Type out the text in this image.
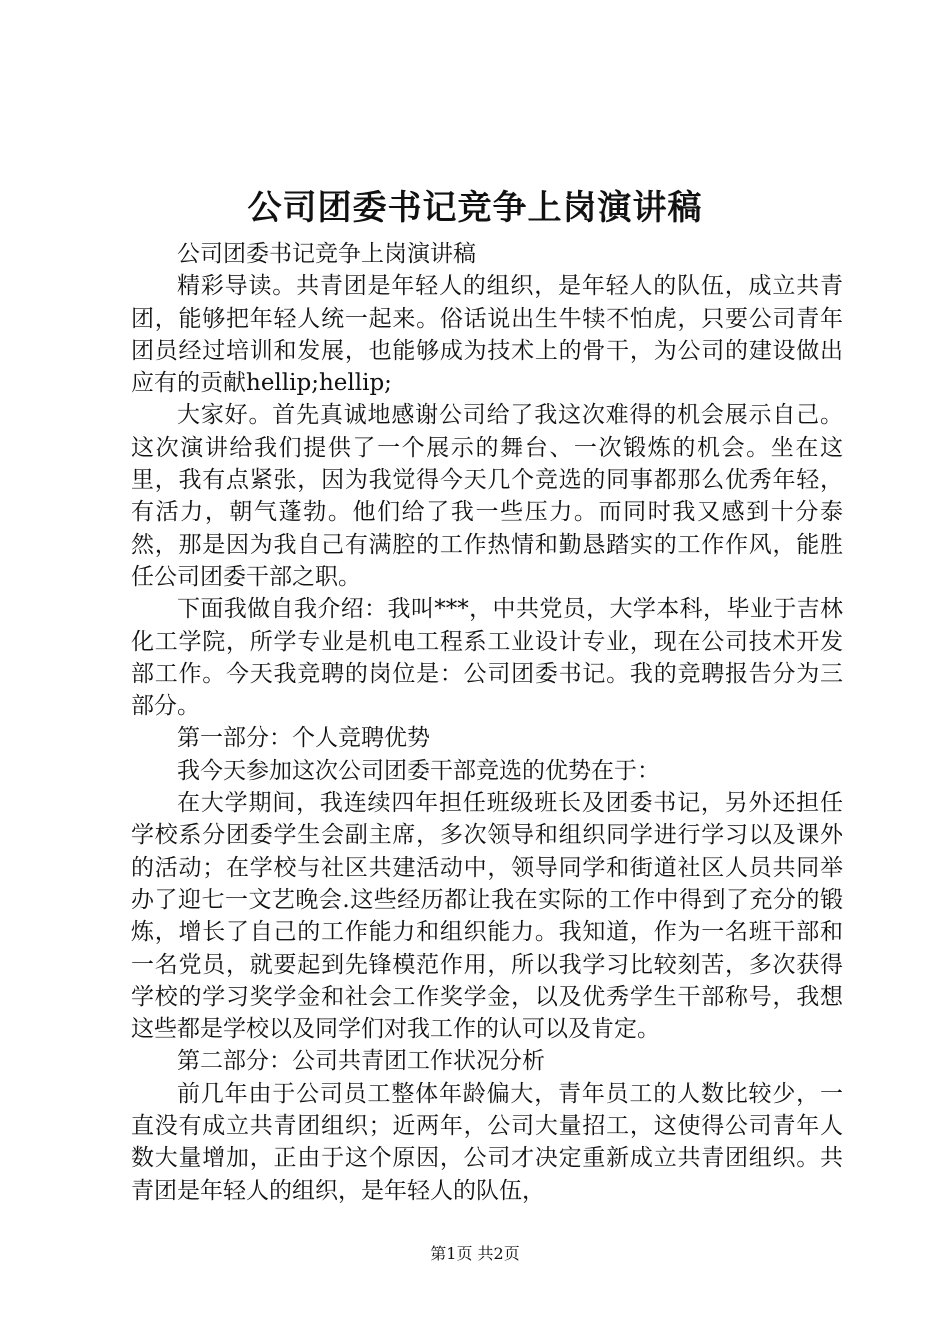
公司团委书记竞争上岗演讲稿

公司团委书记竞争上岗演讲稿

精彩导读。共青团是年轻人的组织，是年轻人的队伍，成立共青团，能够把年轻人统一起来。俗话说出生牛犊不怕虎，只要公司青年团员经过培训和发展，也能够成为技术上的骨干，为公司的建设做出应有的贡献hellip;hellip;

大家好。首先真诚地感谢公司给了我这次难得的机会展示自己。这次演讲给我们提供了一个展示的舞台、一次锻炼的机会。坐在这里，我有点紧张，因为我觉得今天几个竞选的同事都那么优秀年轻，有活力，朝气蓬勃。他们给了我一些压力。而同时我又感到十分泰然，那是因为我自己有满腔的工作热情和勤恳踏实的工作作风，能胜任公司团委干部之职。

下面我做自我介绍：我叫***，中共党员，大学本科，毕业于吉林化工学院，所学专业是机电工程系工业设计专业，现在公司技术开发部工作。今天我竞聘的岗位是：公司团委书记。我的竞聘报告分为三部分。

第一部分：个人竞聘优势

我今天参加这次公司团委干部竞选的优势在于：

在大学期间，我连续四年担任班级班长及团委书记，另外还担任学校系分团委学生会副主席，多次领导和组织同学进行学习以及课外的活动；在学校与社区共建活动中，领导同学和街道社区人员共同举办了迎七一文艺晚会.这些经历都让我在实际的工作中得到了充分的锻炼，增长了自己的工作能力和组织能力。我知道，作为一名班干部和一名党员，就要起到先锋模范作用，所以我学习比较刻苦，多次获得学校的学习奖学金和社会工作奖学金，以及优秀学生干部称号，我想这些都是学校以及同学们对我工作的认可以及肯定。

第二部分：公司共青团工作状况分析

前几年由于公司员工整体年龄偏大，青年员工的人数比较少，一直没有成立共青团组织；近两年，公司大量招工，这使得公司青年人数大量增加，正由于这个原因，公司才决定重新成立共青团组织。共青团是年轻人的组织，是年轻人的队伍，

第1页 共2页
